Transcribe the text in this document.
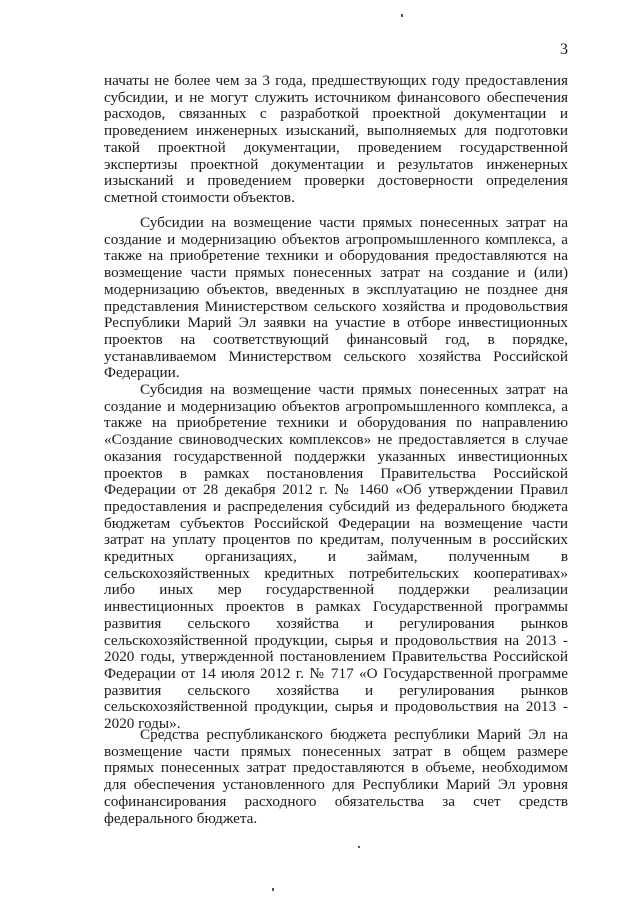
3

начаты не более чем за 3 года, предшествующих году предоставления субсидии, и не могут служить источником финансового обеспечения расходов, связанных с разработкой проектной документации и проведением инженерных изысканий, выполняемых для подготовки такой проектной документации, проведением государственной экспертизы проектной документации и результатов инженерных изысканий и проведением проверки достоверности определения сметной стоимости объектов.

Субсидии на возмещение части прямых понесенных затрат на создание и модернизацию объектов агропромышленного комплекса, а также на приобретение техники и оборудования предоставляются на возмещение части прямых понесенных затрат на создание и (или) модернизацию объектов, введенных в эксплуатацию не позднее дня представления Министерством сельского хозяйства и продовольствия Республики Марий Эл заявки на участие в отборе инвестиционных проектов на соответствующий финансовый год, в порядке, устанавливаемом Министерством сельского хозяйства Российской Федерации.

Субсидия на возмещение части прямых понесенных затрат на создание и модернизацию объектов агропромышленного комплекса, а также на приобретение техники и оборудования по направлению «Создание свиноводческих комплексов» не предоставляется в случае оказания государственной поддержки указанных инвестиционных проектов в рамках постановления Правительства Российской Федерации от 28 декабря 2012 г. № 1460 «Об утверждении Правил предоставления и распределения субсидий из федерального бюджета бюджетам субъектов Российской Федерации на возмещение части затрат на уплату процентов по кредитам, полученным в российских кредитных организациях, и займам, полученным в сельскохозяйственных кредитных потребительских кооперативах» либо иных мер государственной поддержки реализации инвестиционных проектов в рамках Государственной программы развития сельского хозяйства и регулирования рынков сельскохозяйственной продукции, сырья и продовольствия на 2013 - 2020 годы, утвержденной постановлением Правительства Российской Федерации от 14 июля 2012 г. № 717 «О Государственной программе развития сельского хозяйства и регулирования рынков сельскохозяйственной продукции, сырья и продовольствия на 2013 - 2020 годы».

Средства республиканского бюджета республики Марий Эл на возмещение части прямых понесенных затрат в общем размере прямых понесенных затрат предоставляются в объеме, необходимом для обеспечения установленного для Республики Марий Эл уровня софинансирования расходного обязательства за счет средств федерального бюджета.
